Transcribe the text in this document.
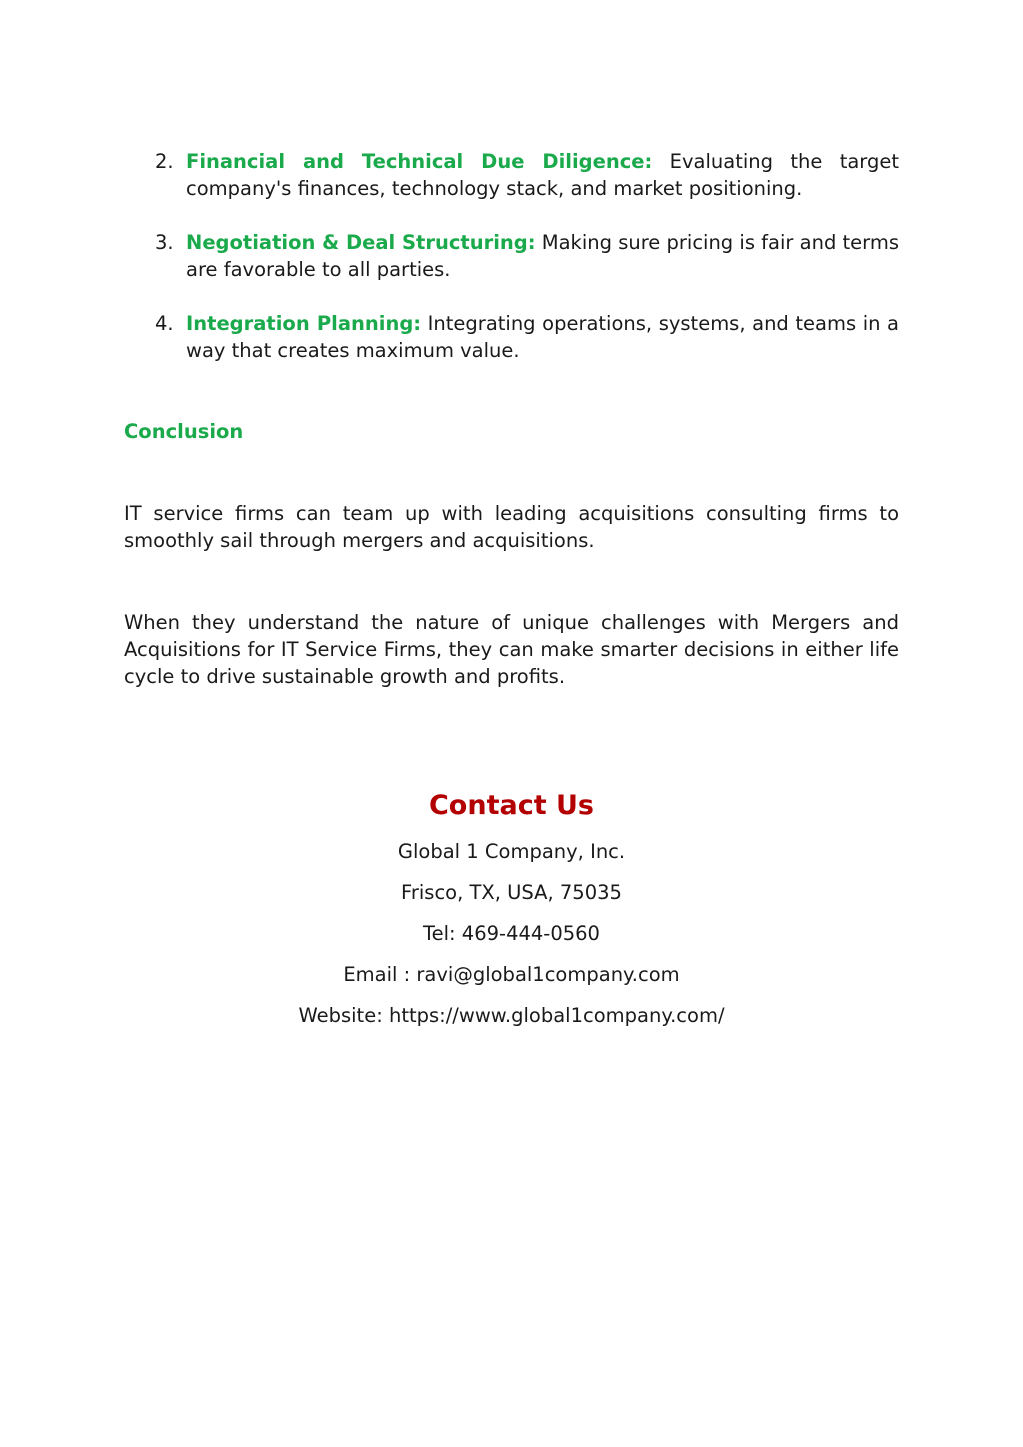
2. Financial and Technical Due Diligence: Evaluating the target company's finances, technology stack, and market positioning.
3. Negotiation & Deal Structuring: Making sure pricing is fair and terms are favorable to all parties.
4. Integration Planning: Integrating operations, systems, and teams in a way that creates maximum value.
Conclusion

IT service firms can team up with leading acquisitions consulting firms to smoothly sail through mergers and acquisitions.

When they understand the nature of unique challenges with Mergers and Acquisitions for IT Service Firms, they can make smarter decisions in either life cycle to drive sustainable growth and profits.

Contact Us

Global 1 Company, Inc.

Frisco, TX, USA, 75035

Tel: 469-444-0560

Email : ravi@global1company.com

Website: https://www.global1company.com/
